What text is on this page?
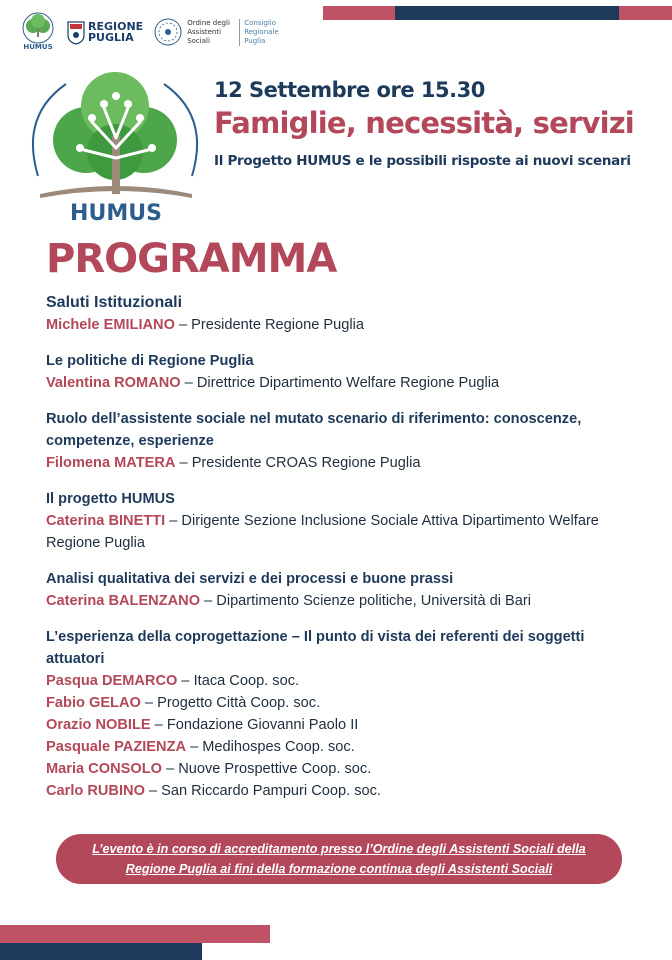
HUMUS
REGIONE
PUGLIA
Ordine degli Assistenti Sociali
Consiglio Regionale Puglia
HUMUS
12 Settembre ore 15.30
Famiglie, necessità, servizi
Il Progetto HUMUS e le possibili risposte ai nuovi scenari
PROGRAMMA
Saluti Istituzionali
Michele EMILIANO – Presidente Regione Puglia
Le politiche di Regione Puglia
Valentina ROMANO – Direttrice Dipartimento Welfare Regione Puglia
Ruolo dell’assistente sociale nel mutato scenario di riferimento: conoscenze, competenze, esperienze
Filomena MATERA – Presidente CROAS Regione Puglia
Il progetto HUMUS
Caterina BINETTI – Dirigente Sezione Inclusione Sociale Attiva Dipartimento Welfare Regione Puglia
Analisi qualitativa dei servizi e dei processi e buone prassi
Caterina BALENZANO – Dipartimento Scienze politiche, Università di Bari
L’esperienza della coprogettazione – Il punto di vista dei referenti dei soggetti attuatori
Pasqua DEMARCO – Itaca Coop. soc.
Fabio GELAO – Progetto Città Coop. soc.
Orazio NOBILE – Fondazione Giovanni Paolo II
Pasquale PAZIENZA – Medihospes Coop. soc.
Maria CONSOLO – Nuove Prospettive Coop. soc.
Carlo RUBINO – San Riccardo Pampuri Coop. soc.
L’evento è in corso di accreditamento presso l’Ordine degli Assistenti Sociali della Regione Puglia ai fini della formazione continua degli Assistenti Sociali
